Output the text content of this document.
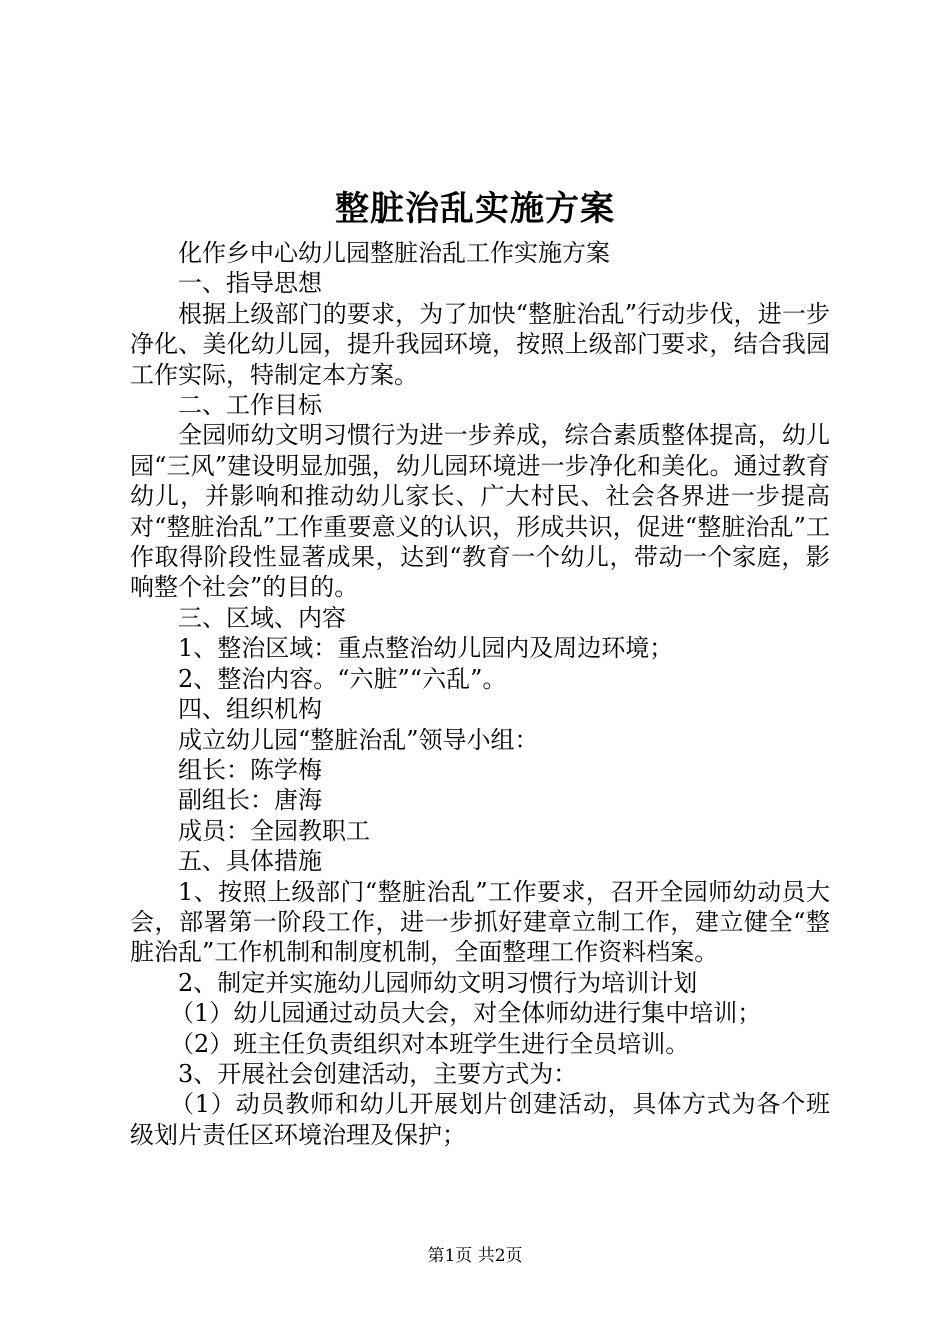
整脏治乱实施方案

化作乡中心幼儿园整脏治乱工作实施方案

一、指导思想

根据上级部门的要求，为了加快“整脏治乱”行动步伐，进一步净化、美化幼儿园，提升我园环境，按照上级部门要求，结合我园工作实际，特制定本方案。

二、工作目标

全园师幼文明习惯行为进一步养成，综合素质整体提高，幼儿园“三风”建设明显加强，幼儿园环境进一步净化和美化。通过教育幼儿，并影响和推动幼儿家长、广大村民、社会各界进一步提高对“整脏治乱”工作重要意义的认识，形成共识，促进“整脏治乱”工作取得阶段性显著成果，达到“教育一个幼儿，带动一个家庭，影响整个社会”的目的。

三、区域、内容

1、整治区域：重点整治幼儿园内及周边环境；

2、整治内容。“六脏”“六乱”。

四、组织机构

成立幼儿园“整脏治乱”领导小组：

组长：陈学梅

副组长：唐海

成员：全园教职工

五、具体措施

1、按照上级部门“整脏治乱”工作要求，召开全园师幼动员大会，部署第一阶段工作，进一步抓好建章立制工作，建立健全“整脏治乱”工作机制和制度机制，全面整理工作资料档案。

2、制定并实施幼儿园师幼文明习惯行为培训计划

（1）幼儿园通过动员大会，对全体师幼进行集中培训；

（2）班主任负责组织对本班学生进行全员培训。

3、开展社会创建活动，主要方式为：

（1）动员教师和幼儿开展划片创建活动，具体方式为各个班级划片责任区环境治理及保护；

第1页 共2页
